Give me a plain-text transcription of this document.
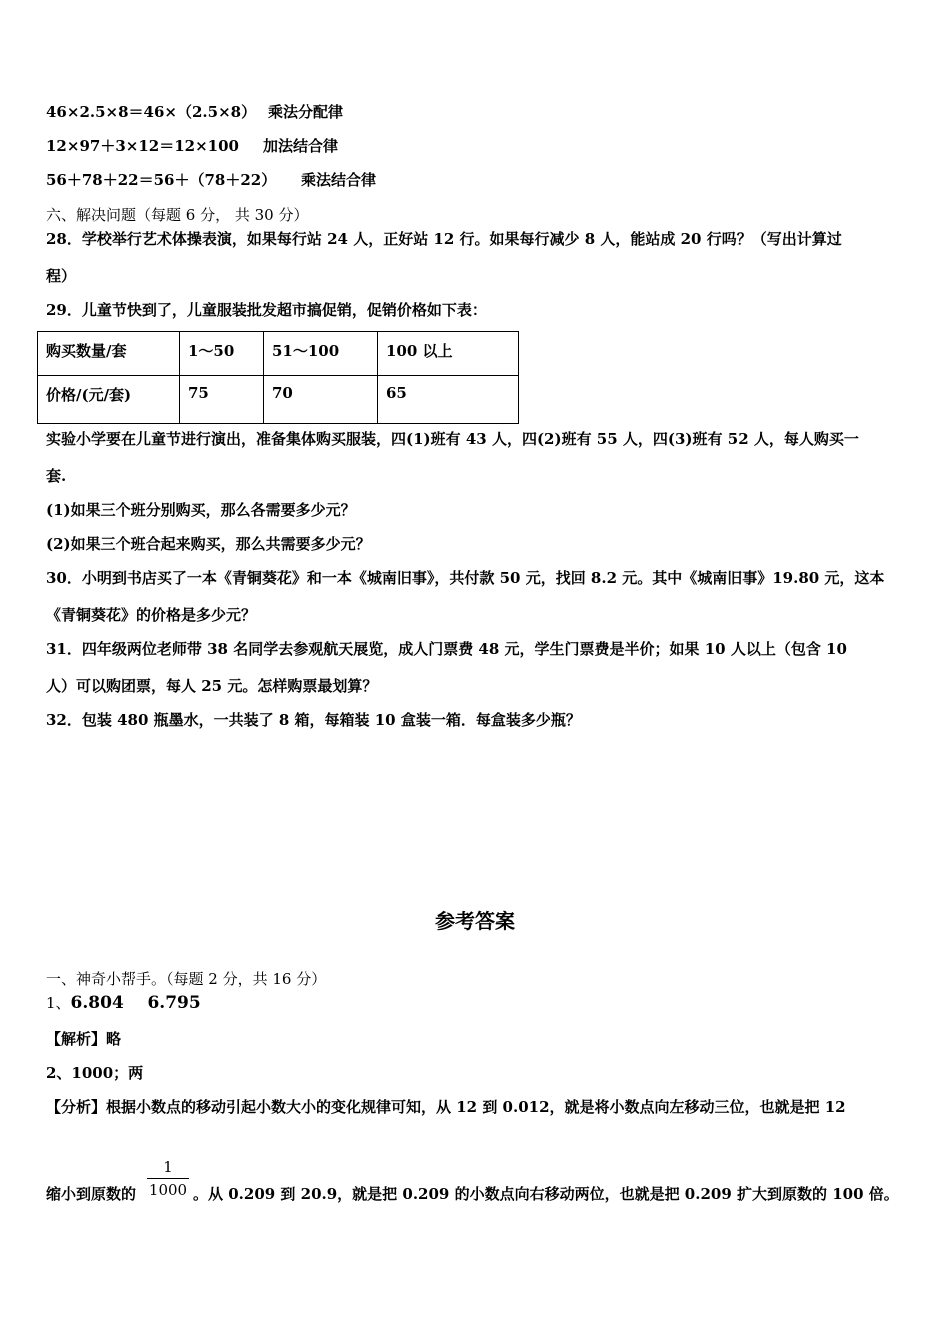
46×2.5×8＝46×（2.5×8） 乘法分配律
12×97＋3×12＝12×100 加法结合律
56＋78＋22＝56＋（78＋22） 乘法结合律
六、解决问题（每题 6 分， 共 30 分）
28．学校举行艺术体操表演，如果每行站 24 人，正好站 12 行。如果每行减少 8 人，能站成 20 行吗？（写出计算过
程）
29．儿童节快到了，儿童服装批发超市搞促销，促销价格如下表：
购买数量/套	1～50	51～100	100 以上
价格/(元/套)	75	70	65
实验小学要在儿童节进行演出，准备集体购买服装，四(1)班有 43 人，四(2)班有 55 人，四(3)班有 52 人，每人购买一
套.
(1)如果三个班分别购买，那么各需要多少元？
(2)如果三个班合起来购买，那么共需要多少元？
30．小明到书店买了一本《青铜葵花》和一本《城南旧事》，共付款 50 元，找回 8.2 元。其中《城南旧事》19.80 元，这本
《青铜葵花》的价格是多少元？
31．四年级两位老师带 38 名同学去参观航天展览，成人门票费 48 元，学生门票费是半价；如果 10 人以上（包含 10
人）可以购团票，每人 25 元。怎样购票最划算？
32．包装 480 瓶墨水，一共装了 8 箱，每箱装 10 盒装一箱．每盒装多少瓶？
参考答案
一、神奇小帮手。（每题 2 分，共 16 分）
1、6.804    6.795
【解析】略
2、1000；两
【分析】根据小数点的移动引起小数大小的变化规律可知，从 12 到 0.012，就是将小数点向左移动三位，也就是把 12
缩小到原数的 $\frac{1}{1000}$ 。从 0.209 到 20.9，就是把 0.209 的小数点向右移动两位，也就是把 0.209 扩大到原数的 100 倍。
